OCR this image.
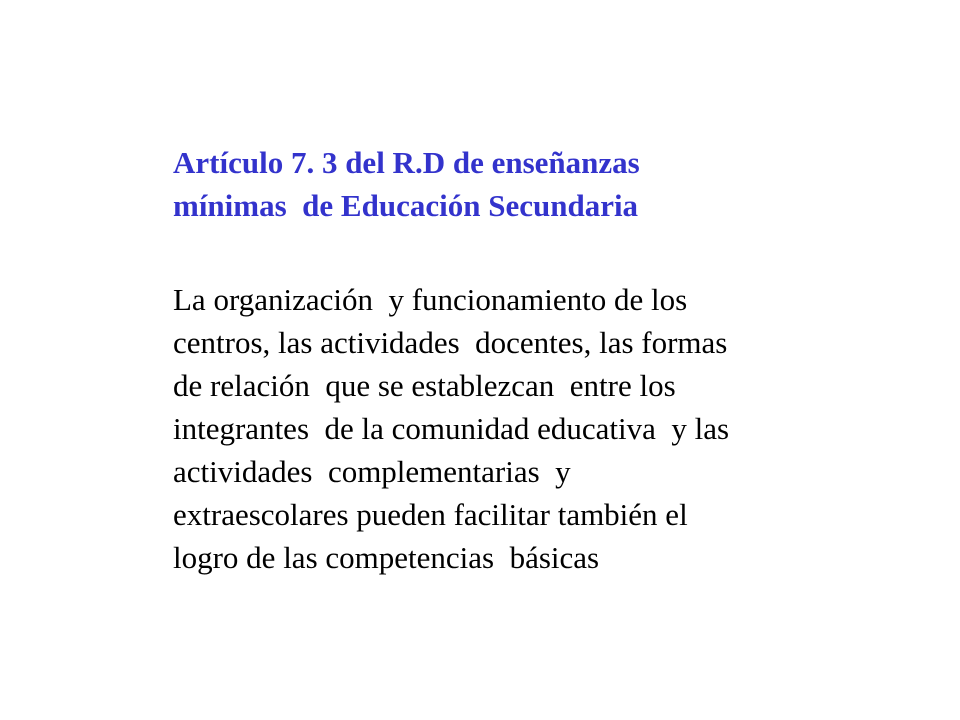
Artículo 7. 3 del R.D de enseñanzas

mínimas  de Educación Secundaria

La organización  y funcionamiento de los

centros, las actividades  docentes, las formas

de relación  que se establezcan  entre los

integrantes  de la comunidad educativa  y las

actividades  complementarias  y

extraescolares pueden facilitar también el

logro de las competencias  básicas
